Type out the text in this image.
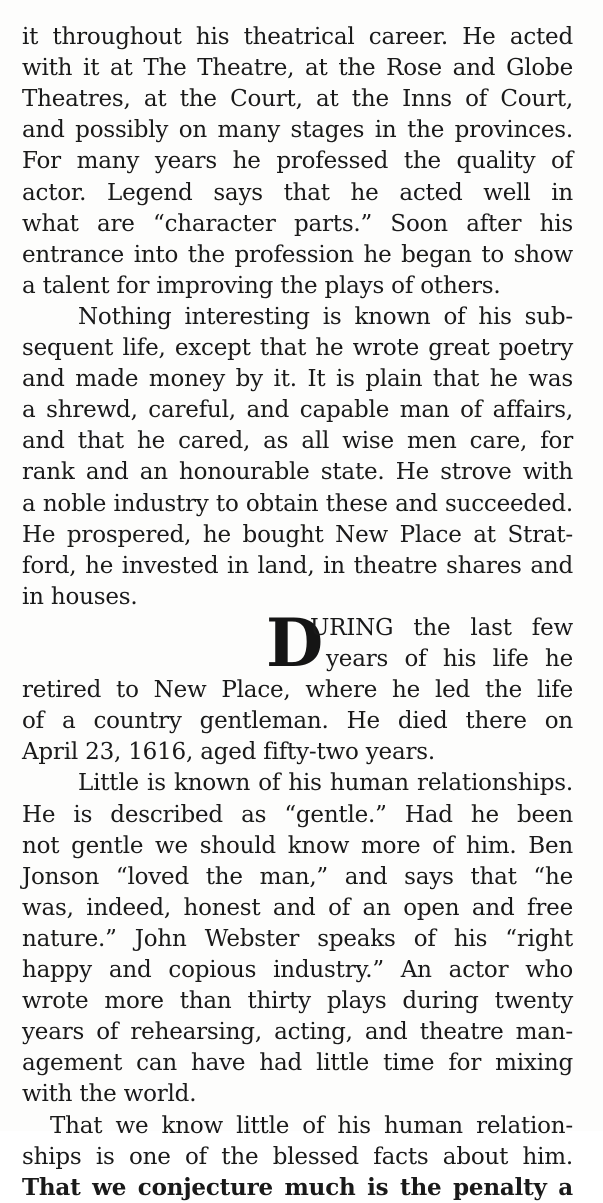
it throughout his theatrical career. He acted
with it at The Theatre, at the Rose and Globe
Theatres, at the Court, at the Inns of Court,
and possibly on many stages in the provinces.
For many years he professed the quality of
actor. Legend says that he acted well in
what are “character parts.” Soon after his
entrance into the profession he began to show
a talent for improving the plays of others.
Nothing interesting is known of his sub-
sequent life, except that he wrote great poetry
and made money by it. It is plain that he was
a shrewd, careful, and capable man of affairs,
and that he cared, as all wise men care, for
rank and an honourable state. He strove with
a noble industry to obtain these and succeeded.
He prospered, he bought New Place at Strat-
ford, he invested in land, in theatre shares and
in houses.
D
URING the last few
years of his life he
retired to New Place, where he led the life
of a country gentleman. He died there on
April 23, 1616, aged fifty-two years.
Little is known of his human relationships.
He is described as “gentle.” Had he been
not gentle we should know more of him. Ben
Jonson “loved the man,” and says that “he
was, indeed, honest and of an open and free
nature.” John Webster speaks of his “right
happy and copious industry.” An actor who
wrote more than thirty plays during twenty
years of rehearsing, acting, and theatre man-
agement can have had little time for mixing
with the world.
That we know little of his human relation-
ships is one of the blessed facts about him.
That we conjecture much is the penalty a
